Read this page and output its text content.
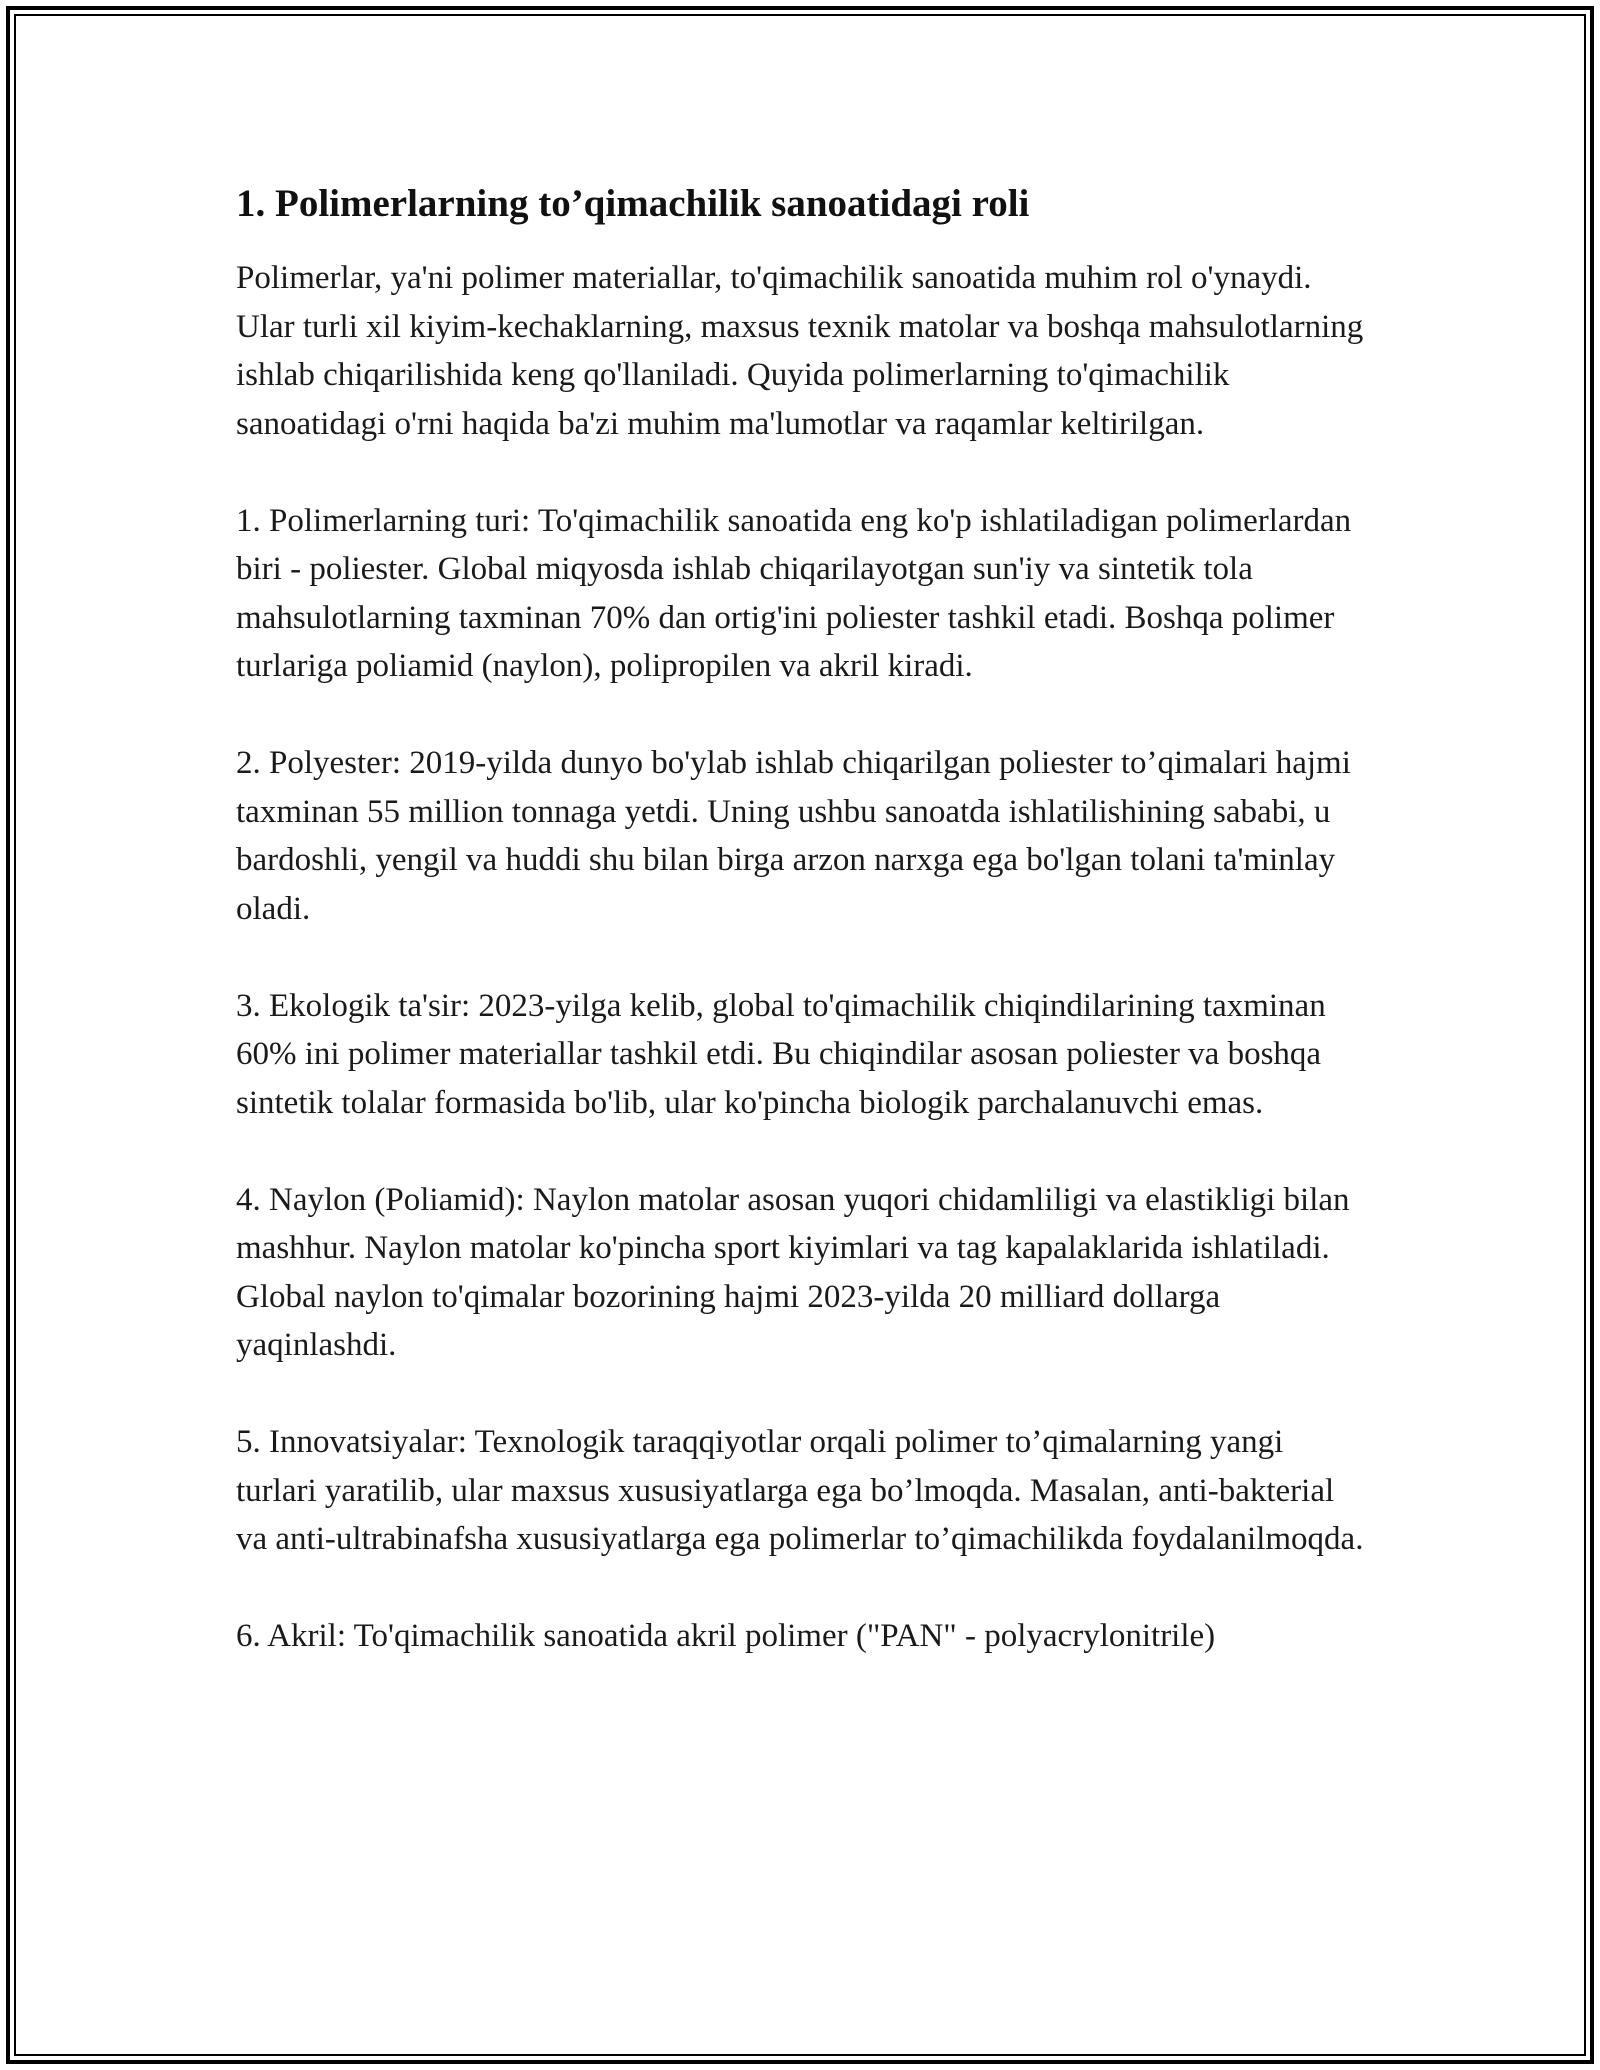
1. Polimerlarning to’qimachilik sanoatidagi roli

Polimerlar, ya'ni polimer materiallar, to'qimachilik sanoatida muhim rol o'ynaydi. Ular turli xil kiyim-kechaklarning, maxsus texnik matolar va boshqa mahsulotlarning ishlab chiqarilishida keng qo'llaniladi. Quyida polimerlarning to'qimachilik sanoatidagi o'rni haqida ba'zi muhim ma'lumotlar va raqamlar keltirilgan.

1. Polimerlarning turi: To'qimachilik sanoatida eng ko'p ishlatiladigan polimerlardan biri - poliester. Global miqyosda ishlab chiqarilayotgan sun'iy va sintetik tola mahsulotlarning taxminan 70% dan ortig'ini poliester tashkil etadi. Boshqa polimer turlariga poliamid (naylon), polipropilen va akril kiradi.

2. Polyester: 2019-yilda dunyo bo'ylab ishlab chiqarilgan poliester to’qimalari hajmi taxminan 55 million tonnaga yetdi. Uning ushbu sanoatda ishlatilishining sababi, u bardoshli, yengil va huddi shu bilan birga arzon narxga ega bo'lgan tolani ta'minlay oladi.

3. Ekologik ta'sir: 2023-yilga kelib, global to'qimachilik chiqindilarining taxminan 60% ini polimer materiallar tashkil etdi. Bu chiqindilar asosan poliester va boshqa sintetik tolalar formasida bo'lib, ular ko'pincha biologik parchalanuvchi emas.

4. Naylon (Poliamid): Naylon matolar asosan yuqori chidamliligi va elastikligi bilan mashhur. Naylon matolar ko'pincha sport kiyimlari va tag kapalaklarida ishlatiladi. Global naylon to'qimalar bozorining hajmi 2023-yilda 20 milliard dollarga yaqinlashdi.

5. Innovatsiyalar: Texnologik taraqqiyotlar orqali polimer to’qimalarning yangi turlari yaratilib, ular maxsus xususiyatlarga ega bo’lmoqda. Masalan, anti-bakterial va anti-ultrabinafsha xususiyatlarga ega polimerlar to’qimachilikda foydalanilmoqda.

6. Akril: To'qimachilik sanoatida akril polimer ("PAN" - polyacrylonitrile)
